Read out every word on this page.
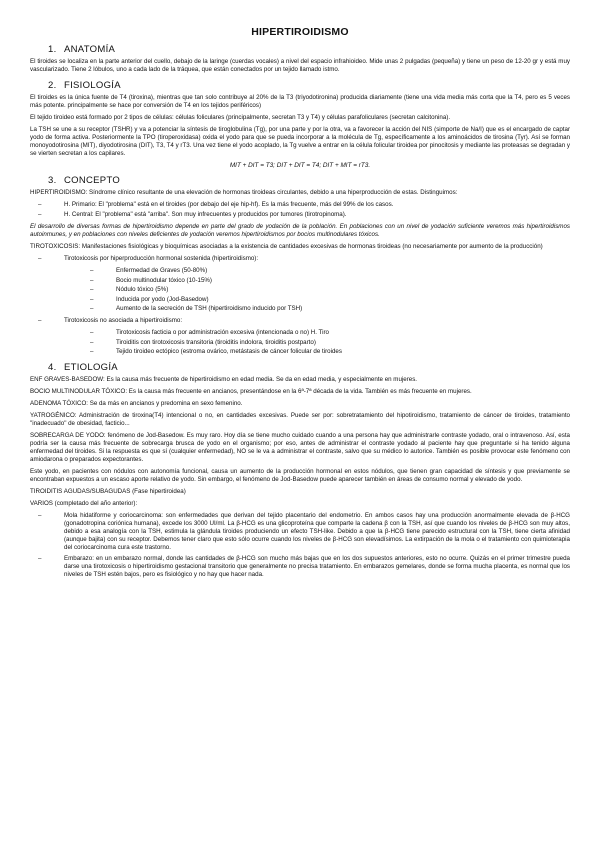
HIPERTIROIDISMO
1. ANATOMÍA

El tiroides se localiza en la parte anterior del cuello, debajo de la laringe (cuerdas vocales) a nivel del espacio infrahioideo. Mide unas 2 pulgadas (pequeña) y tiene un peso de 12-20 gr y está muy vascularizado. Tiene 2 lóbulos, uno a cada lado de la tráquea, que están conectados por un tejido llamado istmo.

2. FISIOLOGÍA

El tiroides es la única fuente de T4 (tiroxina), mientras que tan solo contribuye al 20% de la T3 (triyodotironina) producida diariamente (tiene una vida media más corta que la T4, pero es 5 veces más potente. principalmente se hace por conversión de T4 en los tejidos periféricos)

El tejido tiroideo está formado por 2 tipos de células: células foliculares (principalmente, secretan T3 y T4) y células parafoliculares (secretan calcitonina).

La TSH se une a su receptor (TSHR) y va a potenciar la síntesis de tiroglobulina (Tg), por una parte y por la otra, va a favorecer la acción del NIS (simporte de Na/I) que es el encargado de captar yodo de forma activa. Posteriormente la TPO (tiroperoxidasa) oxida el yodo para que se pueda incorporar a la molécula de Tg, específicamente a los aminoácidos de tirosina (Tyr). Así se forman monoyodotirosina (MIT), diyodotirosina (DIT), T3, T4 y rT3. Una vez tiene el yodo acoplado, la Tg vuelve a entrar en la célula folicular tiroidea por pinocitosis y mediante las proteasas se degradan y se vierten secretan a los capilares.

MIT + DIT = T3; DIT + DIT = T4; DIT + MIT = rT3.
3. CONCEPTO

HIPERTIROIDISMO: Síndrome clínico resultante de una elevación de hormonas tiroideas circulantes, debido a una hiperproducción de estas. Distinguimos:

– H. Primario: El "problema" está en el tiroides (por debajo del eje hip-hf). Es la más frecuente, más del 99% de los casos.
– H. Central: El "problema" está "arriba". Son muy infrecuentes y producidos por tumores (tirotropinoma).

El desarrollo de diversas formas de hipertiroidismo depende en parte del grado de yodación de la población. En poblaciones con un nivel de yodación suficiente veremos más hipertiroidismos autoinmunes, y en poblaciones con niveles deficientes de yodación veremos hipertiroidismos por bocios multinodulares tóxicos.

TIROTOXICOSIS: Manifestaciones fisiológicas y bioquímicas asociadas a la existencia de cantidades excesivas de hormonas tiroideas (no necesariamente por aumento de la producción)

– Tirotoxicosis por hiperproducción hormonal sostenida (hipertiroidismo):
– Enfermedad de Graves (50-80%)
– Bocio multinodular tóxico (10-15%)
– Nódulo tóxico (5%)
– Inducida por yodo (Jod-Basedow)
– Aumento de la secreción de TSH (hipertiroidismo inducido por TSH)
– Tirotoxicosis no asociada a hipertiroidismo:
– Tirotoxicosis facticia o por administración excesiva (intencionada o no) H. Tiro
– Tiroiditis con tirotoxicosis transitoria (tiroiditis indolora, tiroiditis postparto)
– Tejido tiroideo ectópico (estroma ovárico, metástasis de cáncer folicular de tiroides
4. ETIOLOGÍA

ENF GRAVES-BASEDOW: Es la causa más frecuente de hipertiroidismo en edad media. Se da en edad media, y especialmente en mujeres.

BOCIO MULTINODULAR TÓXICO: Es la causa más frecuente en ancianos, presentándose en la 6ª-7ª década de la vida. También es más frecuente en mujeres.

ADENOMA TÓXICO: Se da más en ancianos y predomina en sexo femenino.

YATROGÉNICO: Administración de tiroxina(T4) intencional o no, en cantidades excesivas. Puede ser por: sobretratamiento del hipotiroidismo, tratamiento de cáncer de tiroides, tratamiento "inadecuado" de obesidad, facticio...

SOBRECARGA DE YODO: fenómeno de Jod-Basedow. Es muy raro. Hoy día se tiene mucho cuidado cuando a una persona hay que administrarle contraste yodado, oral o intravenoso. Así, esta podría ser la causa más frecuente de sobrecarga brusca de yodo en el organismo; por eso, antes de administrar el contraste yodado al paciente hay que preguntarle si ha tenido alguna enfermedad del tiroides. Si la respuesta es que sí (cualquier enfermedad), NO se le va a administrar el contraste, salvo que su médico lo autorice. También es posible provocar este fenómeno con amiodarona o preparados expectorantes.

Este yodo, en pacientes con nódulos con autonomía funcional, causa un aumento de la producción hormonal en estos nódulos, que tienen gran capacidad de síntesis y que previamente se encontraban expuestos a un escaso aporte relativo de yodo. Sin embargo, el fenómeno de Jod-Basedow puede aparecer también en áreas de consumo normal y elevado de yodo.

TIROIDITIS AGUDAS/SUBAGUDAS (Fase hipertiroidea)

VARIOS (completado del año anterior):

– Mola hidatiforme y coriocarcinoma: son enfermedades que derivan del tejido placentario del endometrio. En ambos casos hay una producción anormalmente elevada de β-HCG (gonadotropina coriónica humana), excede los 3000 UI/ml. La β-HCG es una glicoproteína que comparte la cadena β con la TSH, así que cuando los niveles de β-HCG son muy altos, debido a esa analogía con la TSH, estimula la glándula tiroides produciendo un efecto TSH-like. Debido a que la β-HCG tiene parecido estructural con la TSH, tiene cierta afinidad (aunque bajita) con su receptor. Debemos tener claro que esto sólo ocurre cuando los niveles de β-HCG son elevadísimos. La extirpación de la mola o el tratamiento con quimioterapia del coriocarcinoma cura este trastorno.
– Embarazo: en un embarazo normal, donde las cantidades de β-HCG son mucho más bajas que en los dos supuestos anteriores, esto no ocurre. Quizás en el primer trimestre pueda darse una tirotoxicosis o hipertiroidismo gestacional transitorio que generalmente no precisa tratamiento. En embarazos gemelares, donde se forma mucha placenta, es normal que los niveles de TSH estén bajos, pero es fisiológico y no hay que hacer nada.
